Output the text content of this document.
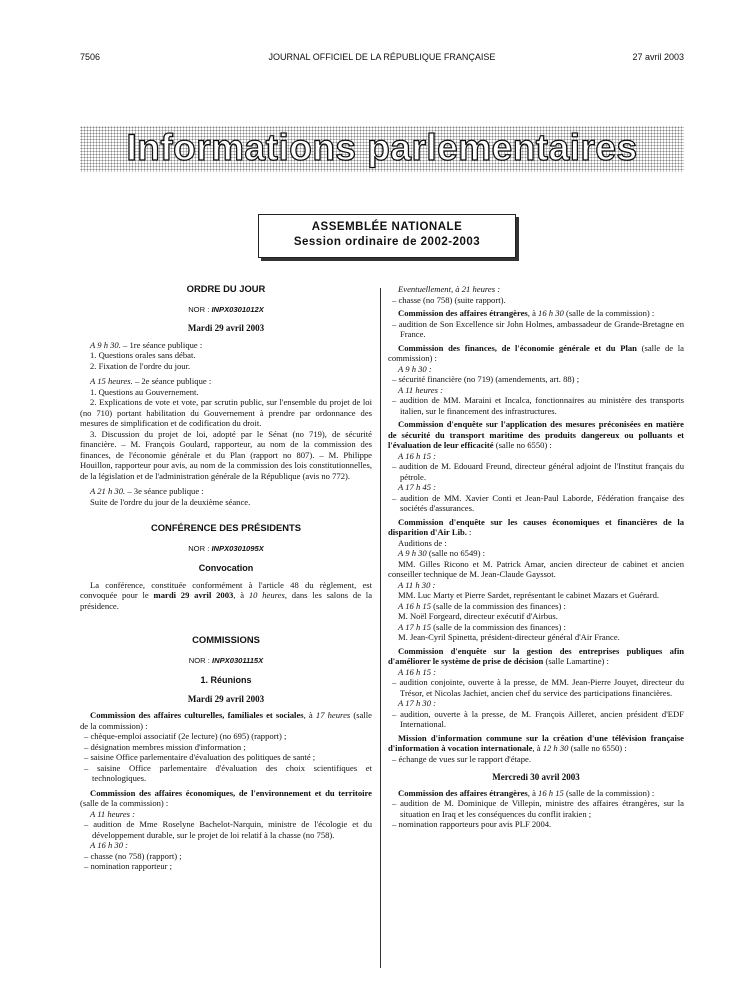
7506	JOURNAL OFFICIEL DE LA RÉPUBLIQUE FRANÇAISE	27 avril 2003
Informations parlementaires
ASSEMBLÉE NATIONALE
Session ordinaire de 2002-2003

ORDRE DU JOUR

NOR : INPX0301012X

Mardi 29 avril 2003

A 9 h 30. – 1re séance publique :

1. Questions orales sans débat.

2. Fixation de l'ordre du jour.

A 15 heures. – 2e séance publique :

1. Questions au Gouvernement.

2. Explications de vote et vote, par scrutin public, sur l'ensemble du projet de loi (no 710) portant habilitation du Gouvernement à prendre par ordonnance des mesures de simplification et de codification du droit.

3. Discussion du projet de loi, adopté par le Sénat (no 719), de sécurité financière. – M. François Goulard, rapporteur, au nom de la commission des finances, de l'économie générale et du Plan (rapport no 807). – M. Philippe Houillon, rapporteur pour avis, au nom de la commission des lois constitutionnelles, de la législation et de l'administration générale de la République (avis no 772).

A 21 h 30. – 3e séance publique :

Suite de l'ordre du jour de la deuxième séance.

CONFÉRENCE DES PRÉSIDENTS

NOR : INPX0301095X

Convocation

La conférence, constituée conformément à l'article 48 du règlement, est convoquée pour le mardi 29 avril 2003, à 10 heures, dans les salons de la présidence.

COMMISSIONS

NOR : INPX0301115X

1. Réunions

Mardi 29 avril 2003

Commission des affaires culturelles, familiales et sociales, à 17 heures (salle de la commission) :

– chèque-emploi associatif (2e lecture) (no 695) (rapport) ;

– désignation membres mission d'information ;

– saisine Office parlementaire d'évaluation des politiques de santé ;

– saisine Office parlementaire d'évaluation des choix scientifiques et technologiques.

Commission des affaires économiques, de l'environnement et du territoire (salle de la commission) :

A 11 heures :

– audition de Mme Roselyne Bachelot-Narquin, ministre de l'écologie et du développement durable, sur le projet de loi relatif à la chasse (no 758).

A 16 h 30 :

– chasse (no 758) (rapport) ;

– nomination rapporteur ;

Eventuellement, à 21 heures :

– chasse (no 758) (suite rapport).

Commission des affaires étrangères, à 16 h 30 (salle de la commission) :

– audition de Son Excellence sir John Holmes, ambassadeur de Grande-Bretagne en France.

Commission des finances, de l'économie générale et du Plan (salle de la commission) :

A 9 h 30 :

– sécurité financière (no 719) (amendements, art. 88) ;

A 11 heures :

– audition de MM. Maraini et Incalca, fonctionnaires au ministère des transports italien, sur le financement des infrastructures.

Commission d'enquête sur l'application des mesures préconisées en matière de sécurité du transport maritime des produits dangereux ou polluants et l'évaluation de leur efficacité (salle no 6550) :

A 16 h 15 :

– audition de M. Edouard Freund, directeur général adjoint de l'Institut français du pétrole.

A 17 h 45 :

– audition de MM. Xavier Conti et Jean-Paul Laborde, Fédération française des sociétés d'assurances.

Commission d'enquête sur les causes économiques et financières de la disparition d'Air Lib. :

Auditions de :

A 9 h 30 (salle no 6549) :

MM. Gilles Ricono et M. Patrick Amar, ancien directeur de cabinet et ancien conseiller technique de M. Jean-Claude Gayssot.

A 11 h 30 :

MM. Luc Marty et Pierre Sardet, représentant le cabinet Mazars et Guérard.

A 16 h 15 (salle de la commission des finances) :

M. Noël Forgeard, directeur exécutif d'Airbus.

A 17 h 15 (salle de la commission des finances) :

M. Jean-Cyril Spinetta, président-directeur général d'Air France.

Commission d'enquête sur la gestion des entreprises publiques afin d'améliorer le système de prise de décision (salle Lamartine) :

A 16 h 15 :

– audition conjointe, ouverte à la presse, de MM. Jean-Pierre Jouyet, directeur du Trésor, et Nicolas Jachiet, ancien chef du service des participations financières.

A 17 h 30 :

– audition, ouverte à la presse, de M. François Ailleret, ancien président d'EDF International.

Mission d'information commune sur la création d'une télévision française d'information à vocation internationale, à 12 h 30 (salle no 6550) :

– échange de vues sur le rapport d'étape.

Mercredi 30 avril 2003

Commission des affaires étrangères, à 16 h 15 (salle de la commission) :

– audition de M. Dominique de Villepin, ministre des affaires étrangères, sur la situation en Iraq et les conséquences du conflit irakien ;

– nomination rapporteurs pour avis PLF 2004.
